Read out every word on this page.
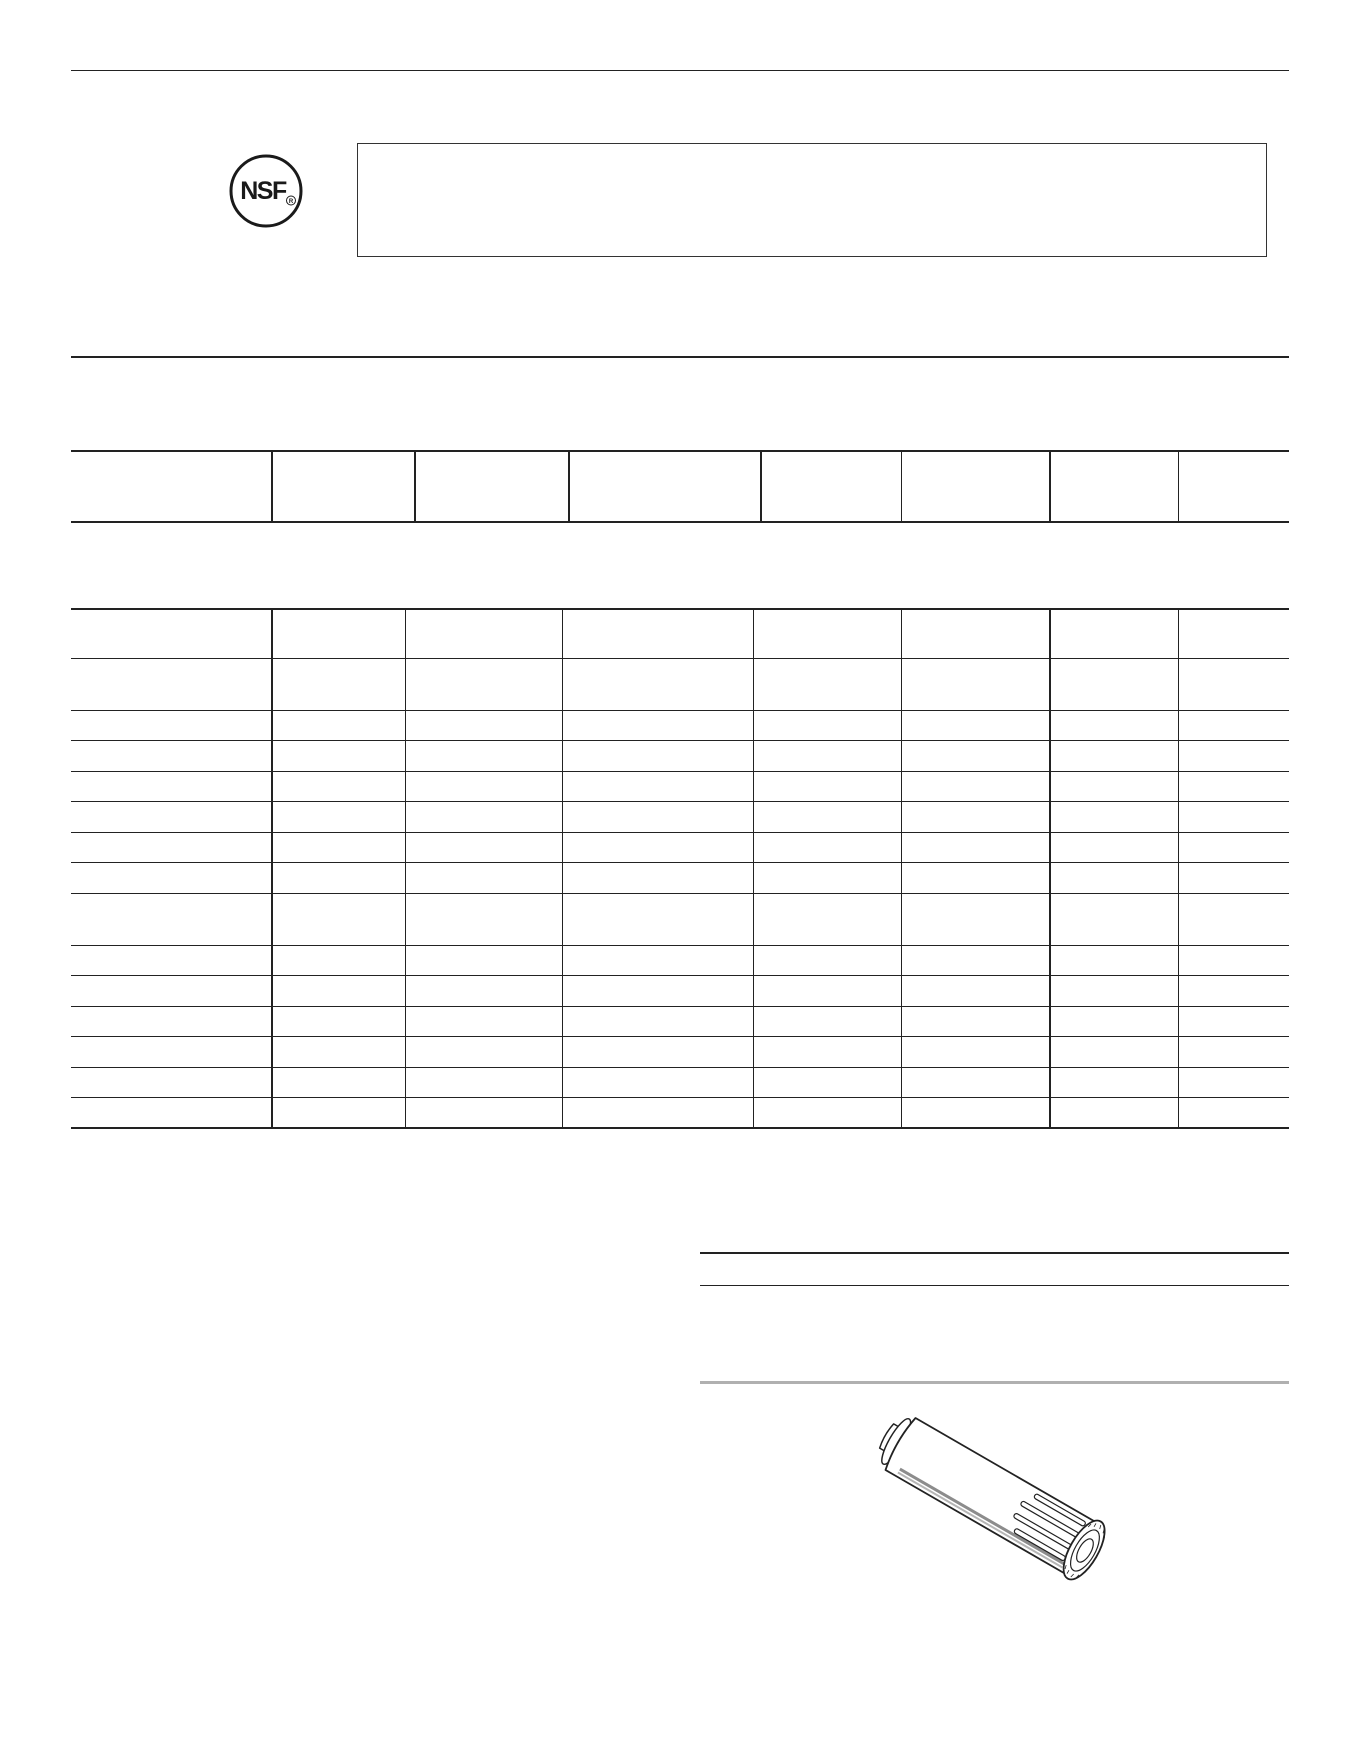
NSF R
